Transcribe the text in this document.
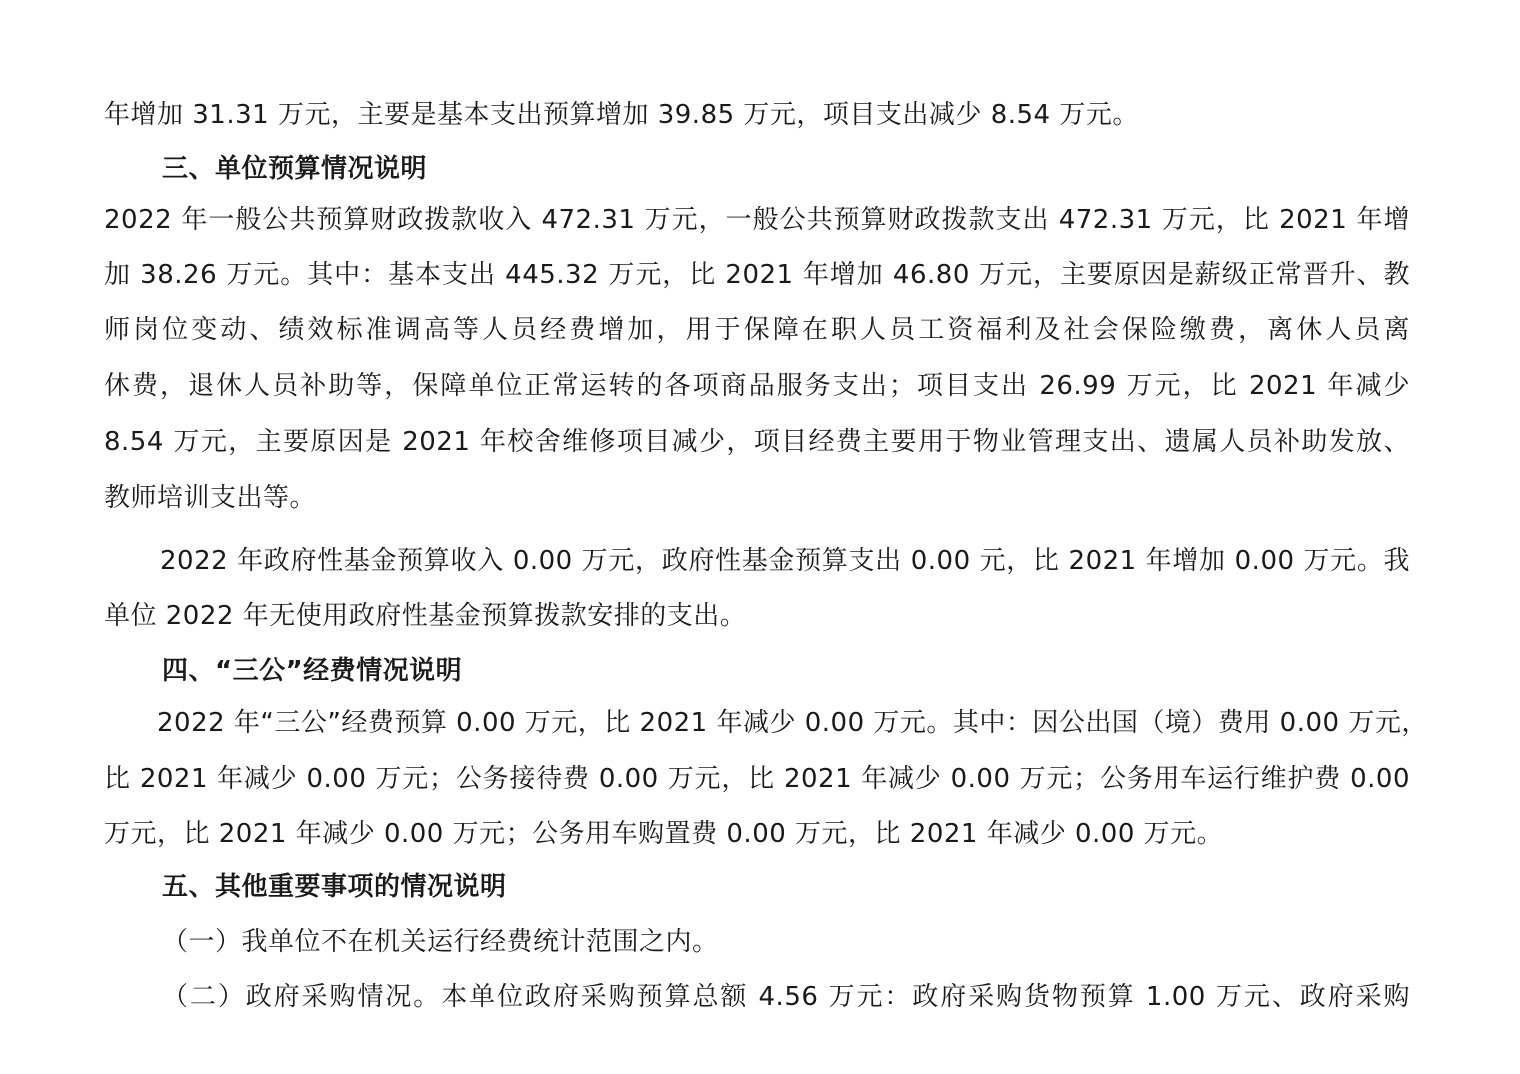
年增加 31.31 万元，主要是基本支出预算增加 39.85 万元，项目支出减少 8.54 万元。
三、单位预算情况说明
2022 年一般公共预算财政拨款收入 472.31 万元，一般公共预算财政拨款支出 472.31 万元，比 2021 年增
加 38.26 万元。其中：基本支出 445.32 万元，比 2021 年增加 46.80 万元，主要原因是薪级正常晋升、教
师岗位变动、绩效标准调高等人员经费增加，用于保障在职人员工资福利及社会保险缴费，离休人员离
休费，退休人员补助等，保障单位正常运转的各项商品服务支出；项目支出 26.99 万元，比 2021 年减少
8.54 万元，主要原因是 2021 年校舍维修项目减少，项目经费主要用于物业管理支出、遗属人员补助发放、
教师培训支出等。
2022 年政府性基金预算收入 0.00 万元，政府性基金预算支出 0.00 元，比 2021 年增加 0.00 万元。我
单位 2022 年无使用政府性基金预算拨款安排的支出。
四、“三公”经费情况说明
2022 年“三公”经费预算 0.00 万元，比 2021 年减少 0.00 万元。其中：因公出国（境）费用 0.00 万元，
比 2021 年减少 0.00 万元；公务接待费 0.00 万元，比 2021 年减少 0.00 万元；公务用车运行维护费 0.00
万元，比 2021 年减少 0.00 万元；公务用车购置费 0.00 万元，比 2021 年减少 0.00 万元。
五、其他重要事项的情况说明
（一）我单位不在机关运行经费统计范围之内。
（二）政府采购情况。本单位政府采购预算总额 4.56 万元：政府采购货物预算 1.00 万元、政府采购
